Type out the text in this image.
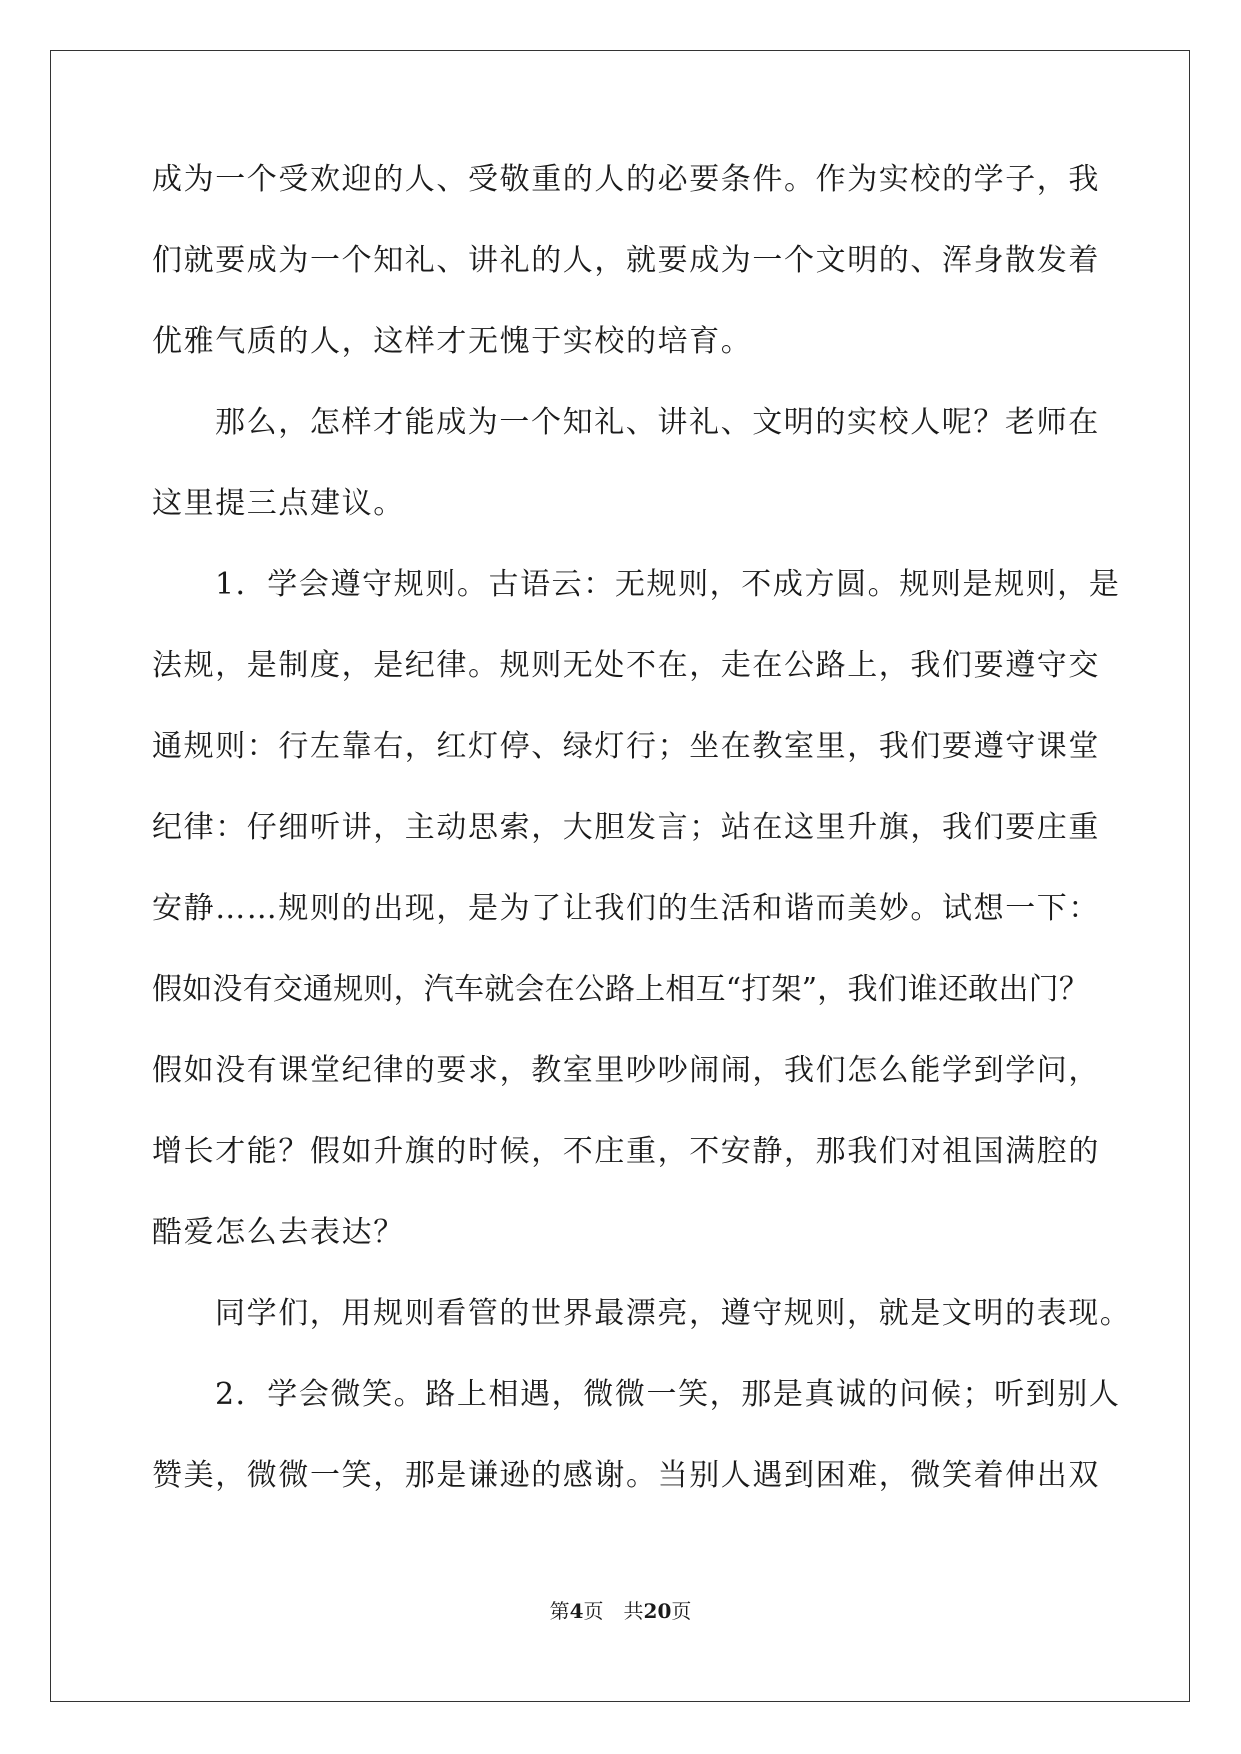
成为一个受欢迎的人、受敬重的人的必要条件。作为实校的学子，我

们就要成为一个知礼、讲礼的人，就要成为一个文明的、浑身散发着

优雅气质的人，这样才无愧于实校的培育。

那么，怎样才能成为一个知礼、讲礼、文明的实校人呢？老师在

这里提三点建议。

1．学会遵守规则。古语云：无规则，不成方圆。规则是规则，是

法规，是制度，是纪律。规则无处不在，走在公路上，我们要遵守交

通规则：行左靠右，红灯停、绿灯行；坐在教室里，我们要遵守课堂

纪律：仔细听讲，主动思索，大胆发言；站在这里升旗，我们要庄重

安静……规则的出现，是为了让我们的生活和谐而美妙。试想一下：

假如没有交通规则，汽车就会在公路上相互“打架”，我们谁还敢出门？

假如没有课堂纪律的要求，教室里吵吵闹闹，我们怎么能学到学问，

增长才能？假如升旗的时候，不庄重，不安静，那我们对祖国满腔的

酷爱怎么去表达？

同学们，用规则看管的世界最漂亮，遵守规则，就是文明的表现。

2．学会微笑。路上相遇，微微一笑，那是真诚的问候；听到别人

赞美，微微一笑，那是谦逊的感谢。当别人遇到困难，微笑着伸出双

第4页　共20页
